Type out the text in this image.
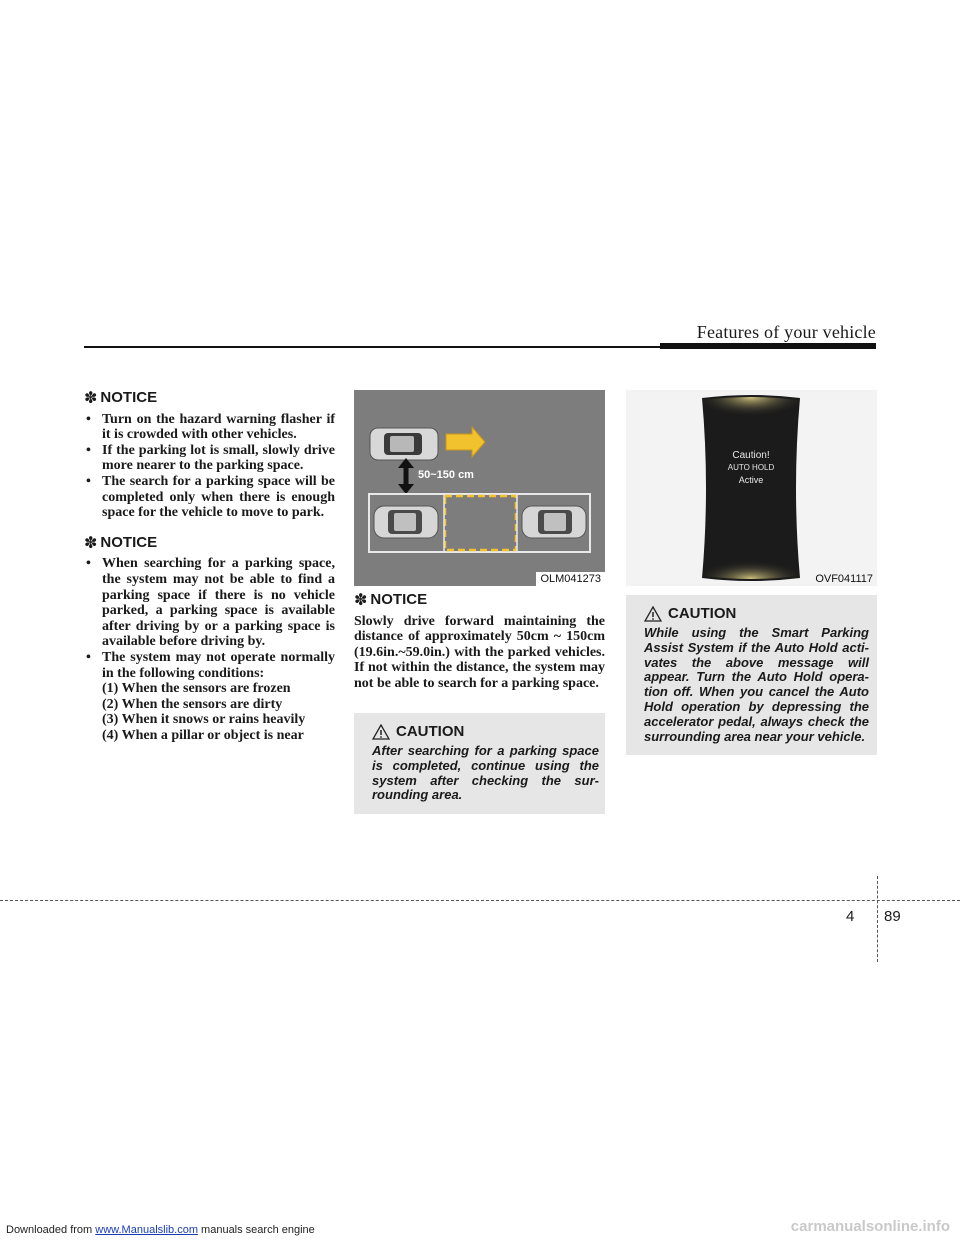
Features of your vehicle
✽ NOTICE
• Turn on the hazard warning flasher if it is crowded with other vehicles.
• If the parking lot is small, slowly drive more nearer to the parking space.
• The search for a parking space will be completed only when there is enough space for the vehicle to move to park.
✽ NOTICE
• When searching for a parking space, the system may not be able to find a parking space if there is no vehicle parked, a parking space is available after driving by or a parking space is available before driving by.
• The system may not operate normally in the following conditions:
(1) When the sensors are frozen
(2) When the sensors are dirty
(3) When it snows or rains heavily
(4) When a pillar or object is near
50~150 cm
OLM041273
✽ NOTICE
Slowly drive forward maintaining the distance of approximately 50cm ~ 150cm (19.6in.~59.0in.) with the parked vehicles. If not within the distance, the system may not be able to search for a parking space.
CAUTION
After searching for a parking space is completed, continue using the system after checking the sur-rounding area.
Caution!
AUTO HOLD
Active
OVF041117
CAUTION
While using the Smart Parking Assist System if the Auto Hold acti-vates the above message will appear. Turn the Auto Hold opera-tion off. When you cancel the Auto Hold operation by depressing the accelerator pedal, always check the surrounding area near your vehicle.
4 89
Downloaded from www.Manualslib.com manuals search engine	carmanualsonline.info
